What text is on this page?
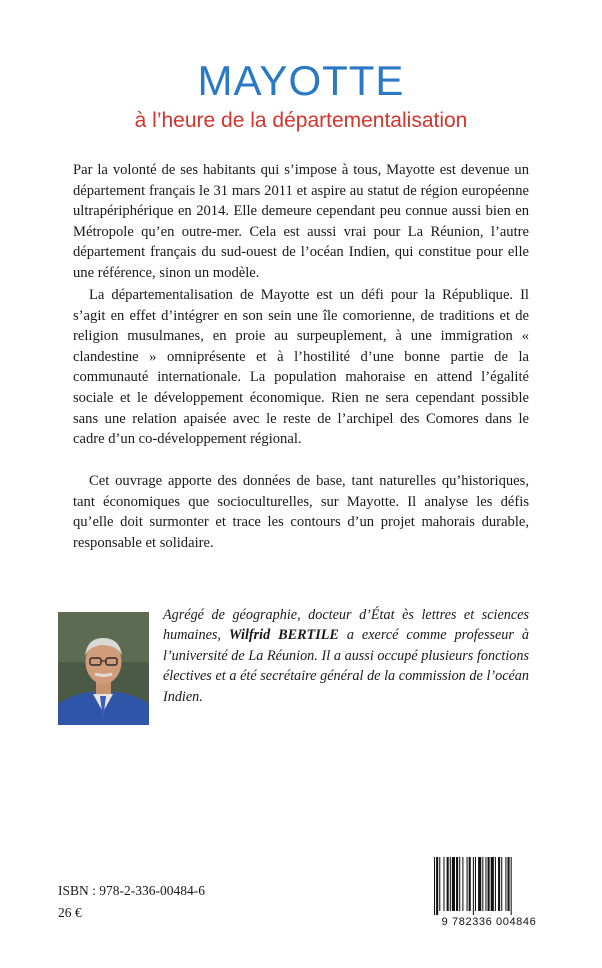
MAYOTTE
à l’heure de la départementalisation

Par la volonté de ses habitants qui s’impose à tous, Mayotte est devenue un département français le 31 mars 2011 et aspire au statut de région européenne ultrapériphérique en 2014. Elle demeure cependant peu connue aussi bien en Métropole qu’en outre-mer. Cela est aussi vrai pour La Réunion, l’autre département français du sud-ouest de l’océan Indien, qui constitue pour elle une référence, sinon un modèle.

La départementalisation de Mayotte est un défi pour la République. Il s’agit en effet d’intégrer en son sein une île comorienne, de traditions et de religion musulmanes, en proie au surpeuplement, à une immigration « clandestine » omniprésente et à l’hostilité d’une bonne partie de la communauté internationale. La population mahoraise en attend l’égalité sociale et le développement économique. Rien ne sera cependant possible sans une relation apaisée avec le reste de l’archipel des Comores dans le cadre d’un co-développement régional.

Cet ouvrage apporte des données de base, tant naturelles qu’historiques, tant économiques que socioculturelles, sur Mayotte. Il analyse les défis qu’elle doit surmonter et trace les contours d’un projet mahorais durable, responsable et solidaire.

Agrégé de géographie, docteur d’État ès lettres et sciences humaines, Wilfrid BERTILE a exercé comme professeur à l’université de La Réunion. Il a aussi occupé plusieurs fonctions électives et a été secrétaire général de la commission de l’océan Indien.
ISBN : 978-2-336-00484-6
26 €
9 782336 004846
